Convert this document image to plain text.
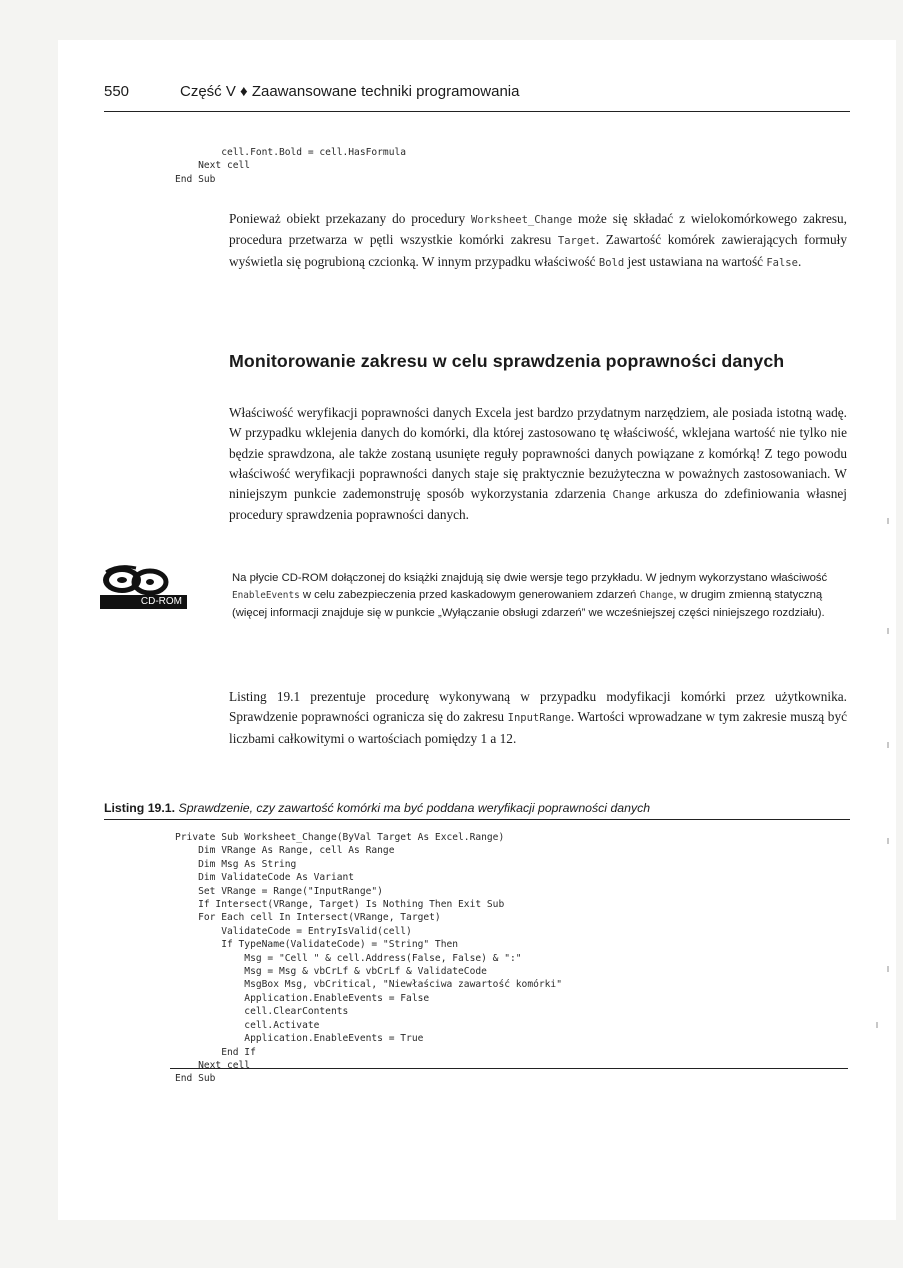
550	Część V ♦ Zaawansowane techniki programowania
cell.Font.Bold = cell.HasFormula
Next cell
End Sub

Ponieważ obiekt przekazany do procedury Worksheet_Change może się składać z wielokomórkowego zakresu, procedura przetwarza w pętli wszystkie komórki zakresu Target. Zawartość komórek zawierających formuły wyświetla się pogrubioną czcionką. W innym przypadku właściwość Bold jest ustawiana na wartość False.

Monitorowanie zakresu w celu sprawdzenia poprawności danych

Właściwość weryfikacji poprawności danych Excela jest bardzo przydatnym narzędziem, ale posiada istotną wadę. W przypadku wklejenia danych do komórki, dla której zastosowano tę właściwość, wklejana wartość nie tylko nie będzie sprawdzona, ale także zostaną usunięte reguły poprawności danych powiązane z komórką! Z tego powodu właściwość weryfikacji poprawności danych staje się praktycznie bezużyteczna w poważnych zastosowaniach. W niniejszym punkcie zademonstruję sposób wykorzystania zdarzenia Change arkusza do zdefiniowania własnej procedury sprawdzenia poprawności danych.

CD-ROM

Na płycie CD-ROM dołączonej do książki znajdują się dwie wersje tego przykładu. W jednym wykorzystano właściwość EnableEvents w celu zabezpieczenia przed kaskadowym generowaniem zdarzeń Change, w drugim zmienną statyczną (więcej informacji znajduje się w punkcie „Wyłączanie obsługi zdarzeń” we wcześniejszej części niniejszego rozdziału).

Listing 19.1 prezentuje procedurę wykonywaną w przypadku modyfikacji komórki przez użytkownika. Sprawdzenie poprawności ogranicza się do zakresu InputRange. Wartości wprowadzane w tym zakresie muszą być liczbami całkowitymi o wartościach pomiędzy 1 a 12.

Listing 19.1. Sprawdzenie, czy zawartość komórki ma być poddana weryfikacji poprawności danych
Private Sub Worksheet_Change(ByVal Target As Excel.Range)
Dim VRange As Range, cell As Range
Dim Msg As String
Dim ValidateCode As Variant
Set VRange = Range("InputRange")
If Intersect(VRange, Target) Is Nothing Then Exit Sub
For Each cell In Intersect(VRange, Target)
ValidateCode = EntryIsValid(cell)
If TypeName(ValidateCode) = "String" Then
Msg = "Cell " & cell.Address(False, False) & ":"
Msg = Msg & vbCrLf & vbCrLf & ValidateCode
MsgBox Msg, vbCritical, "Niewłaściwa zawartość komórki"
Application.EnableEvents = False
cell.ClearContents
cell.Activate
Application.EnableEvents = True
End If
Next cell
End Sub
